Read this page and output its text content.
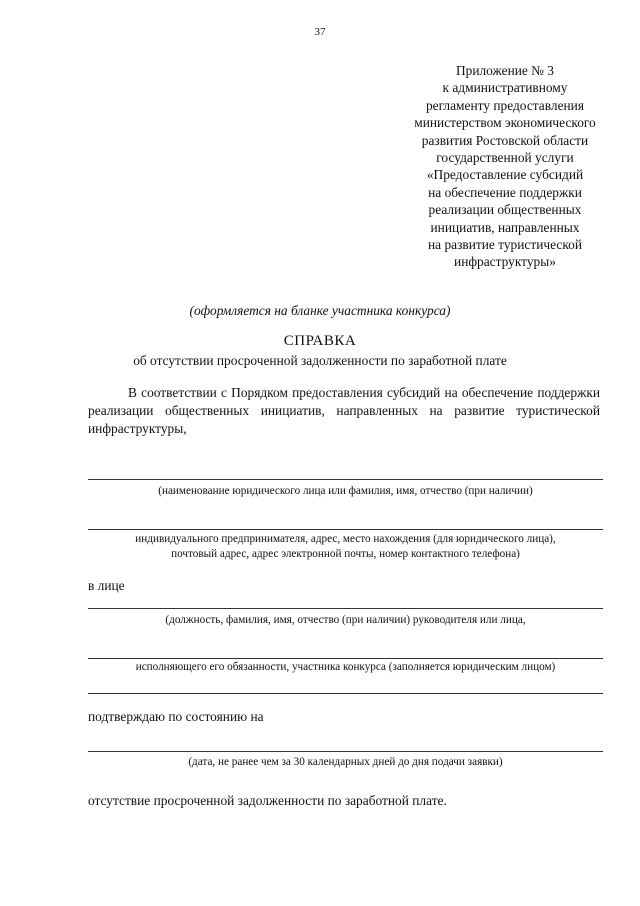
37
Приложение № 3
к административному
регламенту предоставления
министерством экономического
развития Ростовской области
государственной услуги
«Предоставление субсидий
на обеспечение поддержки
реализации общественных
инициатив, направленных
на развитие туристической
инфраструктуры»
(оформляется на бланке участника конкурса)
СПРАВКА
об отсутствии просроченной задолженности по заработной плате
В соответствии с Порядком предоставления субсидий на обеспечение поддержки реализации общественных инициатив, направленных на развитие туристической инфраструктуры,
(наименование юридического лица или фамилия, имя, отчество (при наличии)
индивидуального предпринимателя, адрес, место нахождения (для юридического лица),
почтовый адрес, адрес электронной почты, номер контактного телефона)
в лице
(должность, фамилия, имя, отчество (при наличии) руководителя или лица,
исполняющего его обязанности, участника конкурса (заполняется юридическим лицом)
подтверждаю по состоянию на
(дата, не ранее чем за 30 календарных дней до дня подачи заявки)
отсутствие просроченной задолженности по заработной плате.
